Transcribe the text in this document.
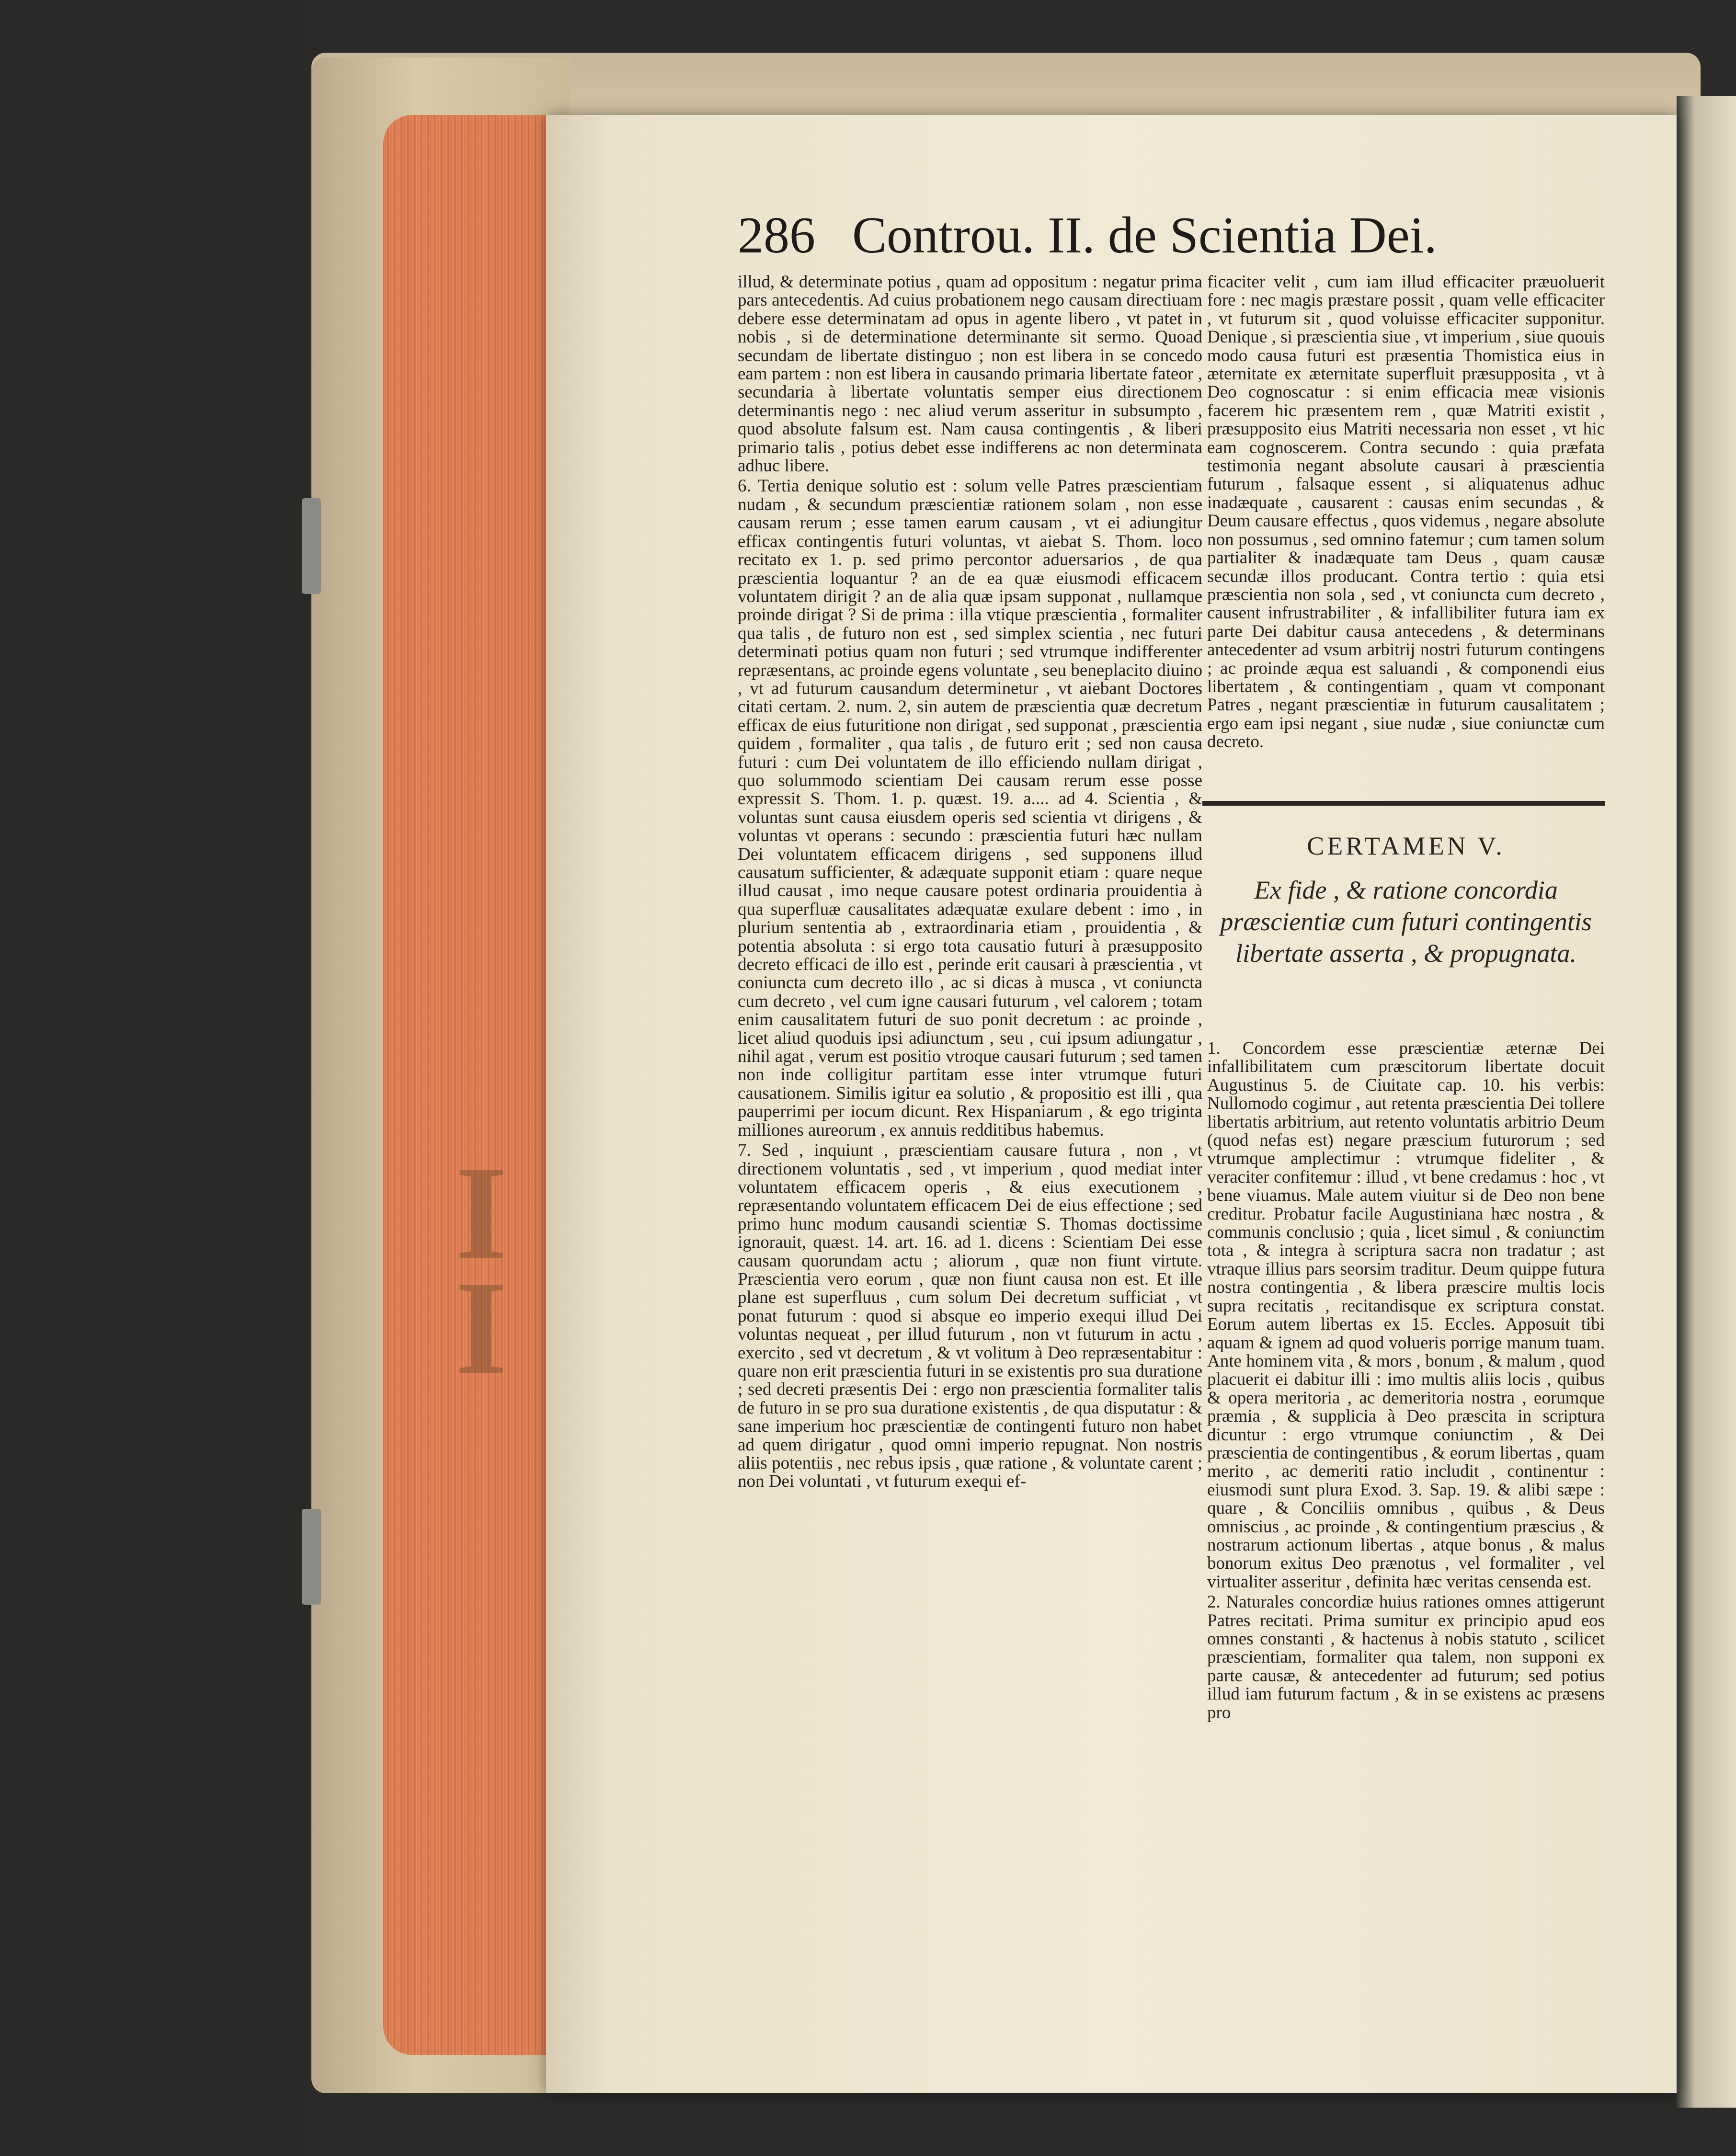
I
I
286 Controu. II. de Scientia Dei.

illud, & determinate potius , quam ad oppositum : negatur prima pars antecedentis. Ad cuius probationem nego causam directiuam debere esse determinatam ad opus in agente libero , vt patet in nobis , si de determinatione determinante sit sermo. Quoad secundam de libertate distinguo ; non est libera in se concedo eam partem : non est libera in causando primaria libertate fateor , secundaria à libertate voluntatis semper eius directionem determinantis nego : nec aliud verum asseritur in subsumpto , quod absolute falsum est. Nam causa contingentis , & liberi primario talis , potius debet esse indifferens ac non determinata adhuc libere.

6. Tertia denique solutio est : solum velle Patres præscientiam nudam , & secundum præscientiæ rationem solam , non esse causam rerum ; esse tamen earum causam , vt ei adiungitur efficax contingentis futuri voluntas, vt aiebat S. Thom. loco recitato ex 1. p. sed primo percontor aduersarios , de qua præscientia loquantur ? an de ea quæ eiusmodi efficacem voluntatem dirigit ? an de alia quæ ipsam supponat , nullamque proinde dirigat ? Si de prima : illa vtique præscientia , formaliter qua talis , de futuro non est , sed simplex scientia , nec futuri determinati potius quam non futuri ; sed vtrumque indifferenter repræsentans, ac proinde egens voluntate , seu beneplacito diuino , vt ad futurum causandum determinetur , vt aiebant Doctores citati certam. 2. num. 2, sin autem de præscientia quæ decretum efficax de eius futuritione non dirigat , sed supponat , præscientia quidem , formaliter , qua talis , de futuro erit ; sed non causa futuri : cum Dei voluntatem de illo efficiendo nullam dirigat , quo solummodo scientiam Dei causam rerum esse posse expressit S. Thom. 1. p. quæst. 19. a.... ad 4. Scientia , & voluntas sunt causa eiusdem operis sed scientia vt dirigens , & voluntas vt operans : secundo : præscientia futuri hæc nullam Dei voluntatem efficacem dirigens , sed supponens illud causatum sufficienter, & adæquate supponit etiam : quare neque illud causat , imo neque causare potest ordinaria prouidentia à qua superfluæ causalitates adæquatæ exulare debent : imo , in plurium sententia ab , extraordinaria etiam , prouidentia , & potentia absoluta : si ergo tota causatio futuri à præsupposito decreto efficaci de illo est , perinde erit causari à præscientia , vt coniuncta cum decreto illo , ac si dicas à musca , vt coniuncta cum decreto , vel cum igne causari futurum , vel calorem ; totam enim causalitatem futuri de suo ponit decretum : ac proinde , licet aliud quoduis ipsi adiunctum , seu , cui ipsum adiungatur , nihil agat , verum est positio vtroque causari futurum ; sed tamen non inde colligitur partitam esse inter vtrumque futuri causationem. Similis igitur ea solutio , & propositio est illi , qua pauperrimi per iocum dicunt. Rex Hispaniarum , & ego triginta milliones aureorum , ex annuis redditibus habemus.

7. Sed , inquiunt , præscientiam causare futura , non , vt directionem voluntatis , sed , vt imperium , quod mediat inter voluntatem efficacem operis , & eius executionem , repræsentando voluntatem efficacem Dei de eius effectione ; sed primo hunc modum causandi scientiæ S. Thomas doctissime ignorauit, quæst. 14. art. 16. ad 1. dicens : Scientiam Dei esse causam quorundam actu ; aliorum , quæ non fiunt virtute. Præscientia vero eorum , quæ non fiunt causa non est. Et ille plane est superfluus , cum solum Dei decretum sufficiat , vt ponat futurum : quod si absque eo imperio exequi illud Dei voluntas nequeat , per illud futurum , non vt futurum in actu , exercito , sed vt decretum , & vt volitum à Deo repræsentabitur : quare non erit præscientia futuri in se existentis pro sua duratione ; sed decreti præsentis Dei : ergo non præscientia formaliter talis de futuro in se pro sua duratione existentis , de qua disputatur : & sane imperium hoc præscientiæ de contingenti futuro non habet ad quem dirigatur , quod omni imperio repugnat. Non nostris aliis potentiis , nec rebus ipsis , quæ ratione , & voluntate carent ; non Dei voluntati , vt futurum exequi ef-

ficaciter velit , cum iam illud efficaciter præuoluerit fore : nec magis præstare possit , quam velle efficaciter , vt futurum sit , quod voluisse efficaciter supponitur. Denique , si præscientia siue , vt imperium , siue quouis modo causa futuri est præsentia Thomistica eius in æternitate ex æternitate superfluit præsupposita , vt à Deo cognoscatur : si enim efficacia meæ visionis facerem hic præsentem rem , quæ Matriti existit , præsupposito eius Matriti necessaria non esset , vt hic eam cognoscerem. Contra secundo : quia præfata testimonia negant absolute causari à præscientia futurum , falsaque essent , si aliquatenus adhuc inadæquate , causarent : causas enim secundas , & Deum causare effectus , quos videmus , negare absolute non possumus , sed omnino fatemur ; cum tamen solum partialiter & inadæquate tam Deus , quam causæ secundæ illos producant. Contra tertio : quia etsi præscientia non sola , sed , vt coniuncta cum decreto , causent infrustrabiliter , & infallibiliter futura iam ex parte Dei dabitur causa antecedens , & determinans antecedenter ad vsum arbitrij nostri futurum contingens ; ac proinde æqua est saluandi , & componendi eius libertatem , & contingentiam , quam vt componant Patres , negant præscientiæ in futurum causalitatem ; ergo eam ipsi negant , siue nudæ , siue coniunctæ cum decreto.

CERTAMEN V.
Ex fide , & ratione concordia præscientiæ cum futuri contingentis libertate asserta , & propugnata.

1. Concordem esse præscientiæ æternæ Dei infallibilitatem cum præscitorum libertate docuit Augustinus 5. de Ciuitate cap. 10. his verbis: Nullomodo cogimur , aut retenta præscientia Dei tollere libertatis arbitrium, aut retento voluntatis arbitrio Deum (quod nefas est) negare præscium futurorum ; sed vtrumque amplectimur : vtrumque fideliter , & veraciter confitemur : illud , vt bene credamus : hoc , vt bene viuamus. Male autem viuitur si de Deo non bene creditur. Probatur facile Augustiniana hæc nostra , & communis conclusio ; quia , licet simul , & coniunctim tota , & integra à scriptura sacra non tradatur ; ast vtraque illius pars seorsim traditur. Deum quippe futura nostra contingentia , & libera præscire multis locis supra recitatis , recitandisque ex scriptura constat. Eorum autem libertas ex 15. Eccles. Apposuit tibi aquam & ignem ad quod volueris porrige manum tuam. Ante hominem vita , & mors , bonum , & malum , quod placuerit ei dabitur illi : imo multis aliis locis , quibus & opera meritoria , ac demeritoria nostra , eorumque præmia , & supplicia à Deo præscita in scriptura dicuntur : ergo vtrumque coniunctim , & Dei præscientia de contingentibus , & eorum libertas , quam merito , ac demeriti ratio includit , continentur : eiusmodi sunt plura Exod. 3. Sap. 19. & alibi sæpe : quare , & Conciliis omnibus , quibus , & Deus omniscius , ac proinde , & contingentium præscius , & nostrarum actionum libertas , atque bonus , & malus bonorum exitus Deo prænotus , vel formaliter , vel virtualiter asseritur , definita hæc veritas censenda est.

2. Naturales concordiæ huius rationes omnes attigerunt Patres recitati. Prima sumitur ex principio apud eos omnes constanti , & hactenus à nobis statuto , scilicet præscientiam, formaliter qua talem, non supponi ex parte causæ, & antecedenter ad futurum; sed potius illud iam futurum factum , & in se existens ac præsens pro
